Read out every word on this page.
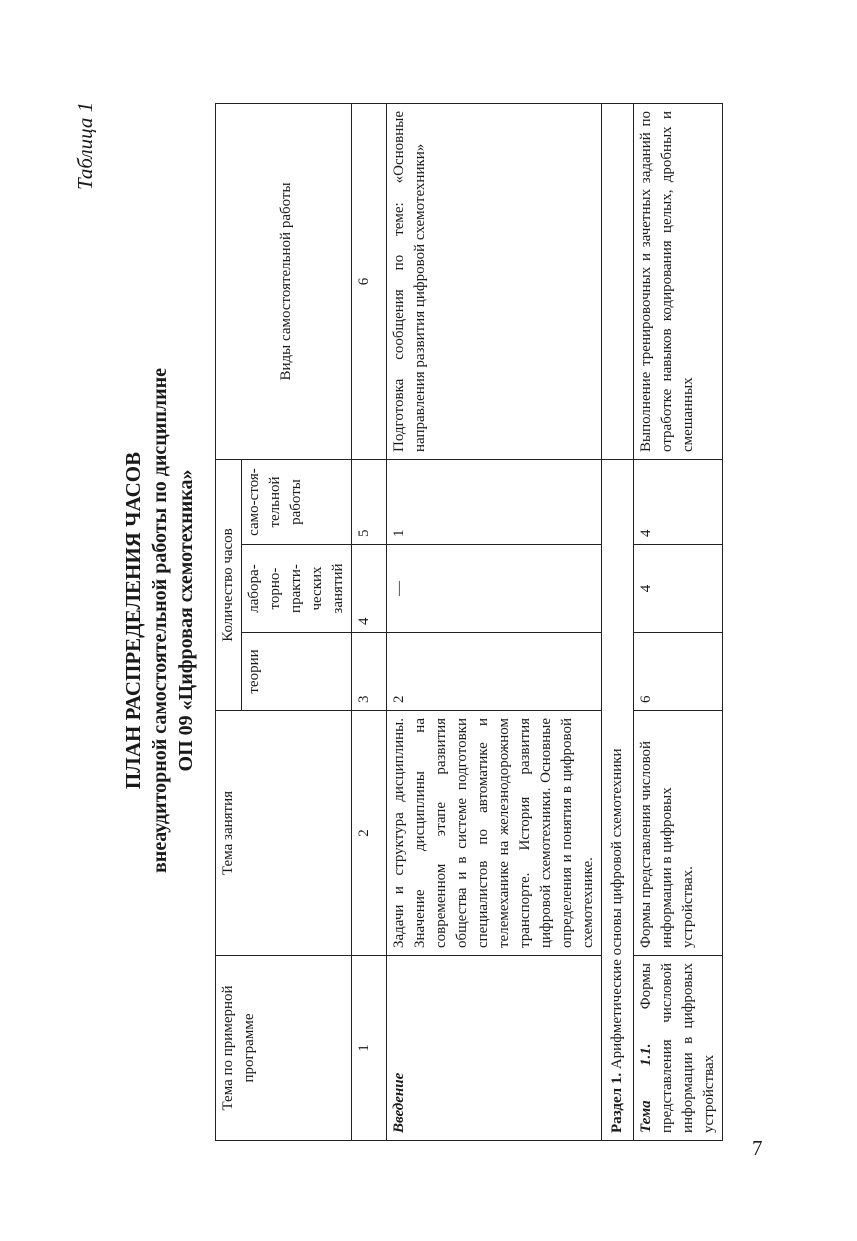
7
Таблица 1
ПЛАН РАСПРЕДЕЛЕНИЯ ЧАСОВ внеаудиторной самостоятельной работы по дисциплине ОП 09 «Цифровая схемотехника»
Тема по примерной программе	Тема занятия	Количество часов			Виды самостоятельной работы
		теории	лабора-торно-практи-ческих занятий	само-стоя-тельной работы	
1	2	3	4	5	6
Введение	Задачи и структура дисциплины. Значение дисциплины на современном этапе развития общества и в системе подготовки специалистов по автоматике и телемеханике на железнодорожном транспорте. История развития цифровой схемотехники. Основные определения и понятия в цифровой схемотехнике.	2	—	1	Подготовка сообщения по теме: «Основные направления развития цифровой схемотехники»
Раздел 1. Арифметические основы цифровой схемотехники					
Тема 1.1. Формы представления числовой информации в цифровых устройствах	Формы представления числовой информации в цифровых устройствах.	6	4	4	Выполнение тренировочных и зачетных заданий по отработке навыков кодирования целых, дробных и смешанных
